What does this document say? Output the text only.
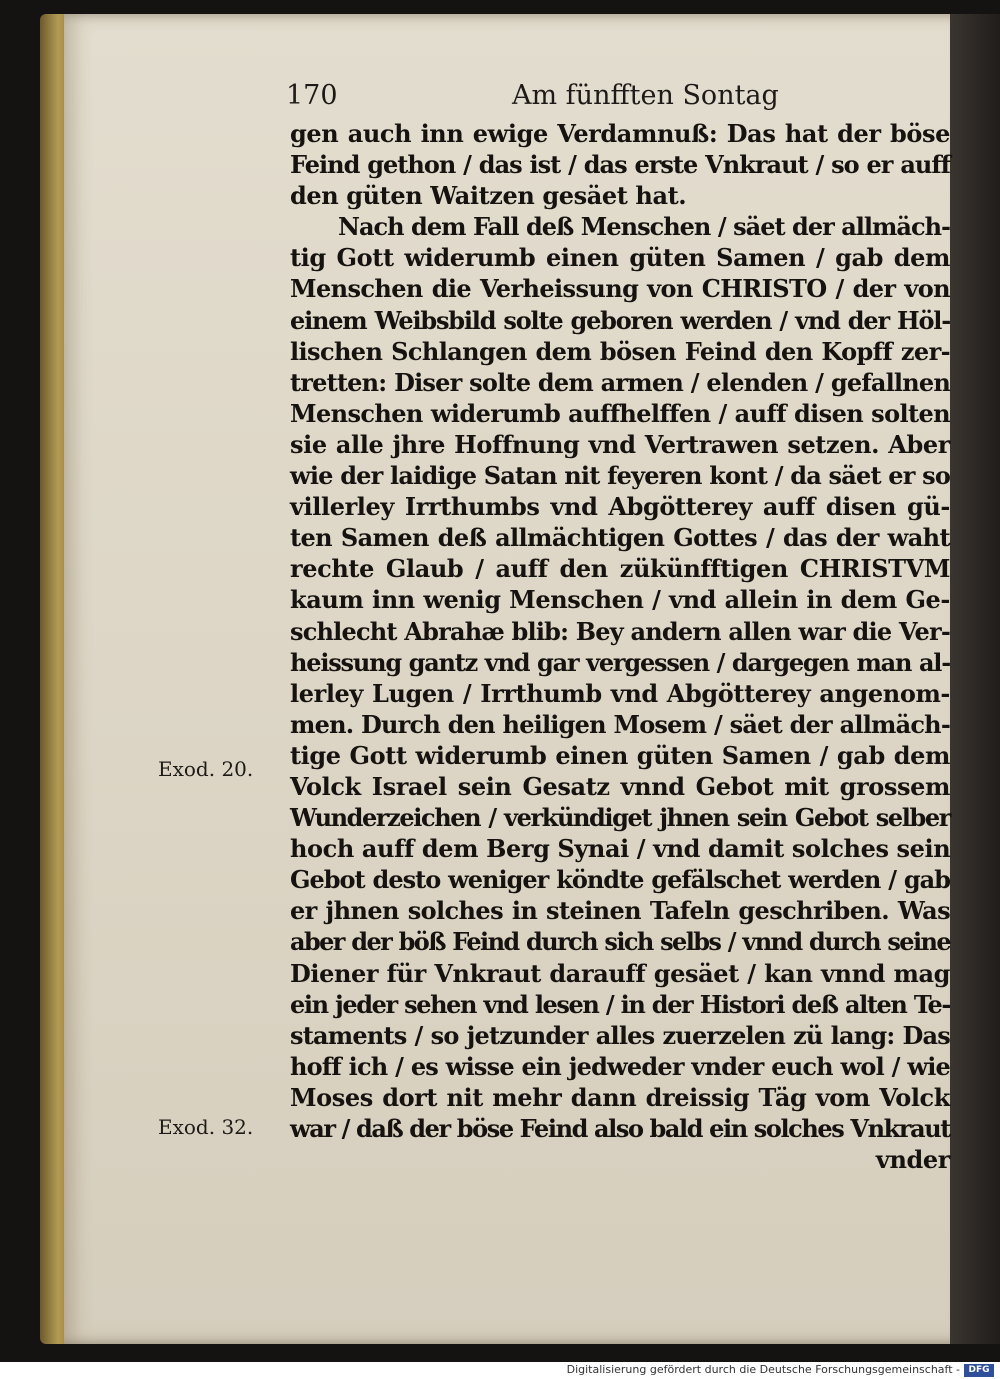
170	Am fünfften Sontag
gen auch inn ewige Verdamnuß: Das hat der böse
Feind gethon / das ist / das erste Vnkraut / so er auff
den güten Waitzen gesäet hat.
Nach dem Fall deß Menschen / säet der allmäch-
tig Gott widerumb einen güten Samen / gab dem
Menschen die Verheissung von CHRISTO / der von
einem Weibsbild solte geboren werden / vnd der Höl-
lischen Schlangen dem bösen Feind den Kopff zer-
tretten: Diser solte dem armen / elenden / gefallnen
Menschen widerumb auffhelffen / auff disen solten
sie alle jhre Hoffnung vnd Vertrawen setzen. Aber
wie der laidige Satan nit feyeren kont / da säet er so
villerley Irrthumbs vnd Abgötterey auff disen gü-
ten Samen deß allmächtigen Gottes / das der waht
rechte Glaub / auff den zükünfftigen CHRISTVM
kaum inn wenig Menschen / vnd allein in dem Ge-
schlecht Abrahæ blib: Bey andern allen war die Ver-
heissung gantz vnd gar vergessen / dargegen man al-
lerley Lugen / Irrthumb vnd Abgötterey angenom-
men. Durch den heiligen Mosem / säet der allmäch-
tige Gott widerumb einen güten Samen / gab dem
Volck Israel sein Gesatz vnnd Gebot mit grossem
Wunderzeichen / verkündiget jhnen sein Gebot selber
hoch auff dem Berg Synai / vnd damit solches sein
Gebot desto weniger köndte gefälschet werden / gab
er jhnen solches in steinen Tafeln geschriben. Was
aber der böß Feind durch sich selbs / vnnd durch seine
Diener für Vnkraut darauff gesäet / kan vnnd mag
ein jeder sehen vnd lesen / in der Histori deß alten Te-
staments / so jetzunder alles zuerzelen zü lang: Das
hoff ich / es wisse ein jedweder vnder euch wol / wie
Moses dort nit mehr dann dreissig Täg vom Volck
war / daß der böse Feind also bald ein solches Vnkraut
vnder
Exod. 20.
Exod. 32.
Digitalisierung gefördert durch die Deutsche Forschungsgemeinschaft - DFG
